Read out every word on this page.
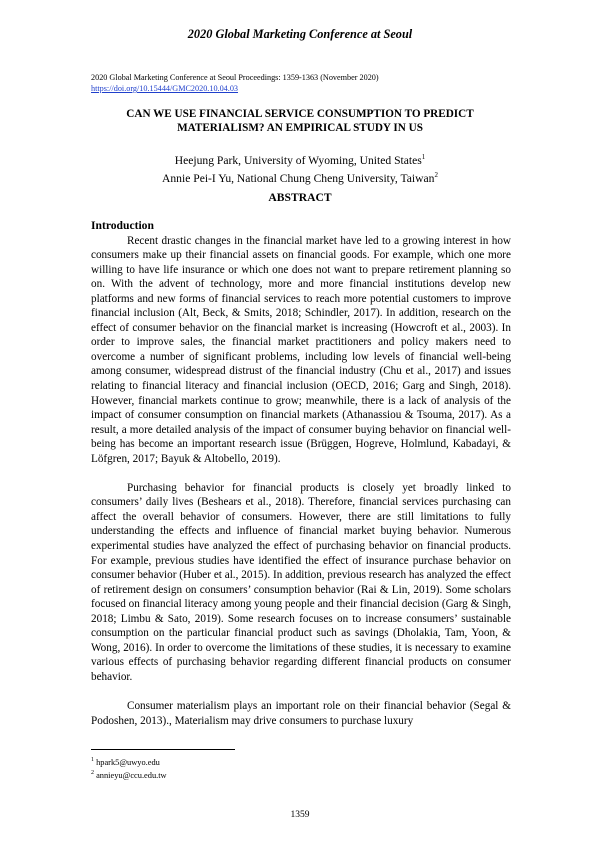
2020 Global Marketing Conference at Seoul
2020 Global Marketing Conference at Seoul Proceedings: 1359-1363 (November 2020)
https://doi.org/10.15444/GMC2020.10.04.03
CAN WE USE FINANCIAL SERVICE CONSUMPTION TO PREDICT
MATERIALISM? AN EMPIRICAL STUDY IN US
Heejung Park, University of Wyoming, United States$^1$
Annie Pei-I Yu, National Chung Cheng University, Taiwan$^2$
ABSTRACT

Introduction

Recent drastic changes in the financial market have led to a growing interest in how consumers make up their financial assets on financial goods. For example, which one more willing to have life insurance or which one does not want to prepare retirement planning so on. With the advent of technology, more and more financial institutions develop new platforms and new forms of financial services to reach more potential customers to improve financial inclusion (Alt, Beck, & Smits, 2018; Schindler, 2017). In addition, research on the effect of consumer behavior on the financial market is increasing (Howcroft et al., 2003). In order to improve sales, the financial market practitioners and policy makers need to overcome a number of significant problems, including low levels of financial well-being among consumer, widespread distrust of the financial industry (Chu et al., 2017) and issues relating to financial literacy and financial inclusion (OECD, 2016; Garg and Singh, 2018). However, financial markets continue to grow; meanwhile, there is a lack of analysis of the impact of consumer consumption on financial markets (Athanassiou & Tsouma, 2017). As a result, a more detailed analysis of the impact of consumer buying behavior on financial well-being has become an important research issue (Brüggen, Hogreve, Holmlund, Kabadayi, & Löfgren, 2017; Bayuk & Altobello, 2019).

Purchasing behavior for financial products is closely yet broadly linked to consumers’ daily lives (Beshears et al., 2018). Therefore, financial services purchasing can affect the overall behavior of consumers. However, there are still limitations to fully understanding the effects and influence of financial market buying behavior. Numerous experimental studies have analyzed the effect of purchasing behavior on financial products. For example, previous studies have identified the effect of insurance purchase behavior on consumer behavior (Huber et al., 2015). In addition, previous research has analyzed the effect of retirement design on consumers’ consumption behavior (Rai & Lin, 2019). Some scholars focused on financial literacy among young people and their financial decision (Garg & Singh, 2018; Limbu & Sato, 2019). Some research focuses on to increase consumers’ sustainable consumption on the particular financial product such as savings (Dholakia, Tam, Yoon, & Wong, 2016). In order to overcome the limitations of these studies, it is necessary to examine various effects of purchasing behavior regarding different financial products on consumer behavior.

Consumer materialism plays an important role on their financial behavior (Segal & Podoshen, 2013)., Materialism may drive consumers to purchase luxury

$^1$ hpark5@uwyo.edu
$^2$ annieyu@ccu.edu.tw
1359
